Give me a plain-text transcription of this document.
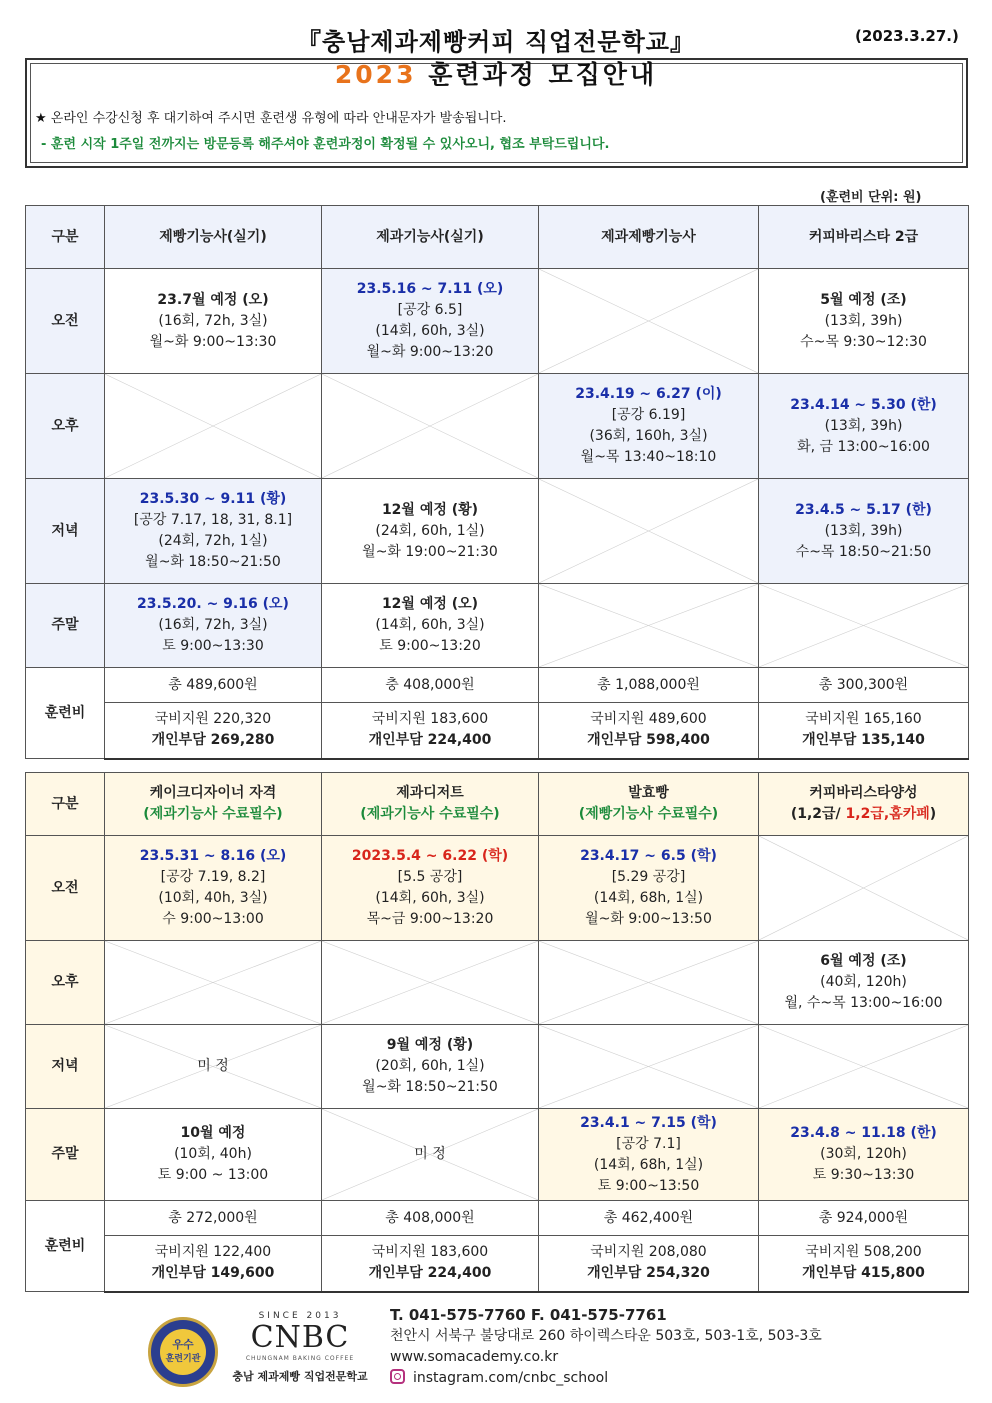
『충남제과제빵커피 직업전문학교』	(2023.3.27.)
★ 온라인 수강신청 후 대기하여 주시면 훈련생 유형에 따라 안내문자가 발송됩니다.
- 훈련 시작 1주일 전까지는 방문등록 해주셔야 훈련과정이 확정될 수 있사오니, 협조 부탁드립니다.
2023 훈련과정 모집안내
(훈련비 단위: 원)
구분	제빵기능사(실기)	제과기능사(실기)	제과제빵기능사	커피바리스타 2급
오전	23.7월 예정 (오)
(16회, 72h, 3실)
월~화 9:00~13:30	23.5.16 ~ 7.11 (오)
[공강 6.5]
(14회, 60h, 3실)
월~화 9:00~13:20		5월 예정 (조)
(13회, 39h)
수~목 9:30~12:30

오후			23.4.19 ~ 6.27 (이)
[공강 6.19]
(36회, 160h, 3실)
월~목 13:40~18:10	23.4.14 ~ 5.30 (한)
(13회, 39h)
화, 금 13:00~16:00

저녁	23.5.30 ~ 9.11 (황)
[공강 7.17, 18, 31, 8.1]
(24회, 72h, 1실)
월~화 18:50~21:50	12월 예정 (황)
(24회, 60h, 1실)
월~화 19:00~21:30		23.4.5 ~ 5.17 (한)
(13회, 39h)
수~목 18:50~21:50

주말	23.5.20. ~ 9.16 (오)
(16회, 72h, 3실)
토 9:00~13:30	12월 예정 (오)
(14회, 60h, 3실)
토 9:00~13:20

훈련비	총 489,600원	충 408,000원	총 1,088,000원	총 300,300원

	국비지원 220,320
개인부담 269,280	국비지원 183,600
개인부담 224,400	국비지원 489,600
개인부담 598,400	국비지원 165,160
개인부담 135,140
구분	케이크디자이너 자격
(제과기능사 수료필수)	제과디저트
(제과기능사 수료필수)	발효빵
(제빵기능사 수료필수)	커피바리스타양성
(1,2급/ 1,2급,홈카페)

오전	23.5.31 ~ 8.16 (오)
[공강 7.19, 8.2]
(10회, 40h, 3실)
수 9:00~13:00	2023.5.4 ~ 6.22 (학)
[5.5 공강]
(14회, 60h, 3실)
목~금 9:00~13:20	23.4.17 ~ 6.5 (학)
[5.29 공강]
(14회, 68h, 1실)
월~화 9:00~13:50

오후				6월 예정 (조)
(40회, 120h)
월, 수~목 13:00~16:00

저녁	미 정	9월 예정 (황)
(20회, 60h, 1실)
월~화 18:50~21:50

주말	10월 예정
(10회, 40h)
토 9:00 ~ 13:00	미 정	23.4.1 ~ 7.15 (학)
[공강 7.1]
(14회, 68h, 1실)
토 9:00~13:50	23.4.8 ~ 11.18 (한)
(30회, 120h)
토 9:30~13:30

훈련비	총 272,000원	총 408,000원	총 462,400원	총 924,000원

	국비지원 122,400
개인부담 149,600	국비지원 183,600
개인부담 224,400	국비지원 208,080
개인부담 254,320	국비지원 508,200
개인부담 415,800
우수
훈련기관
SINCE 2013
CNBC
CHUNGNAM BAKING COFFEE
충남 제과제빵 직업전문학교
T. 041-575-7760 F. 041-575-7761
천안시 서북구 불당대로 260 하이렉스타운 503호, 503-1호, 503-3호
www.somacademy.co.kr
instagram.com/cnbc_school
